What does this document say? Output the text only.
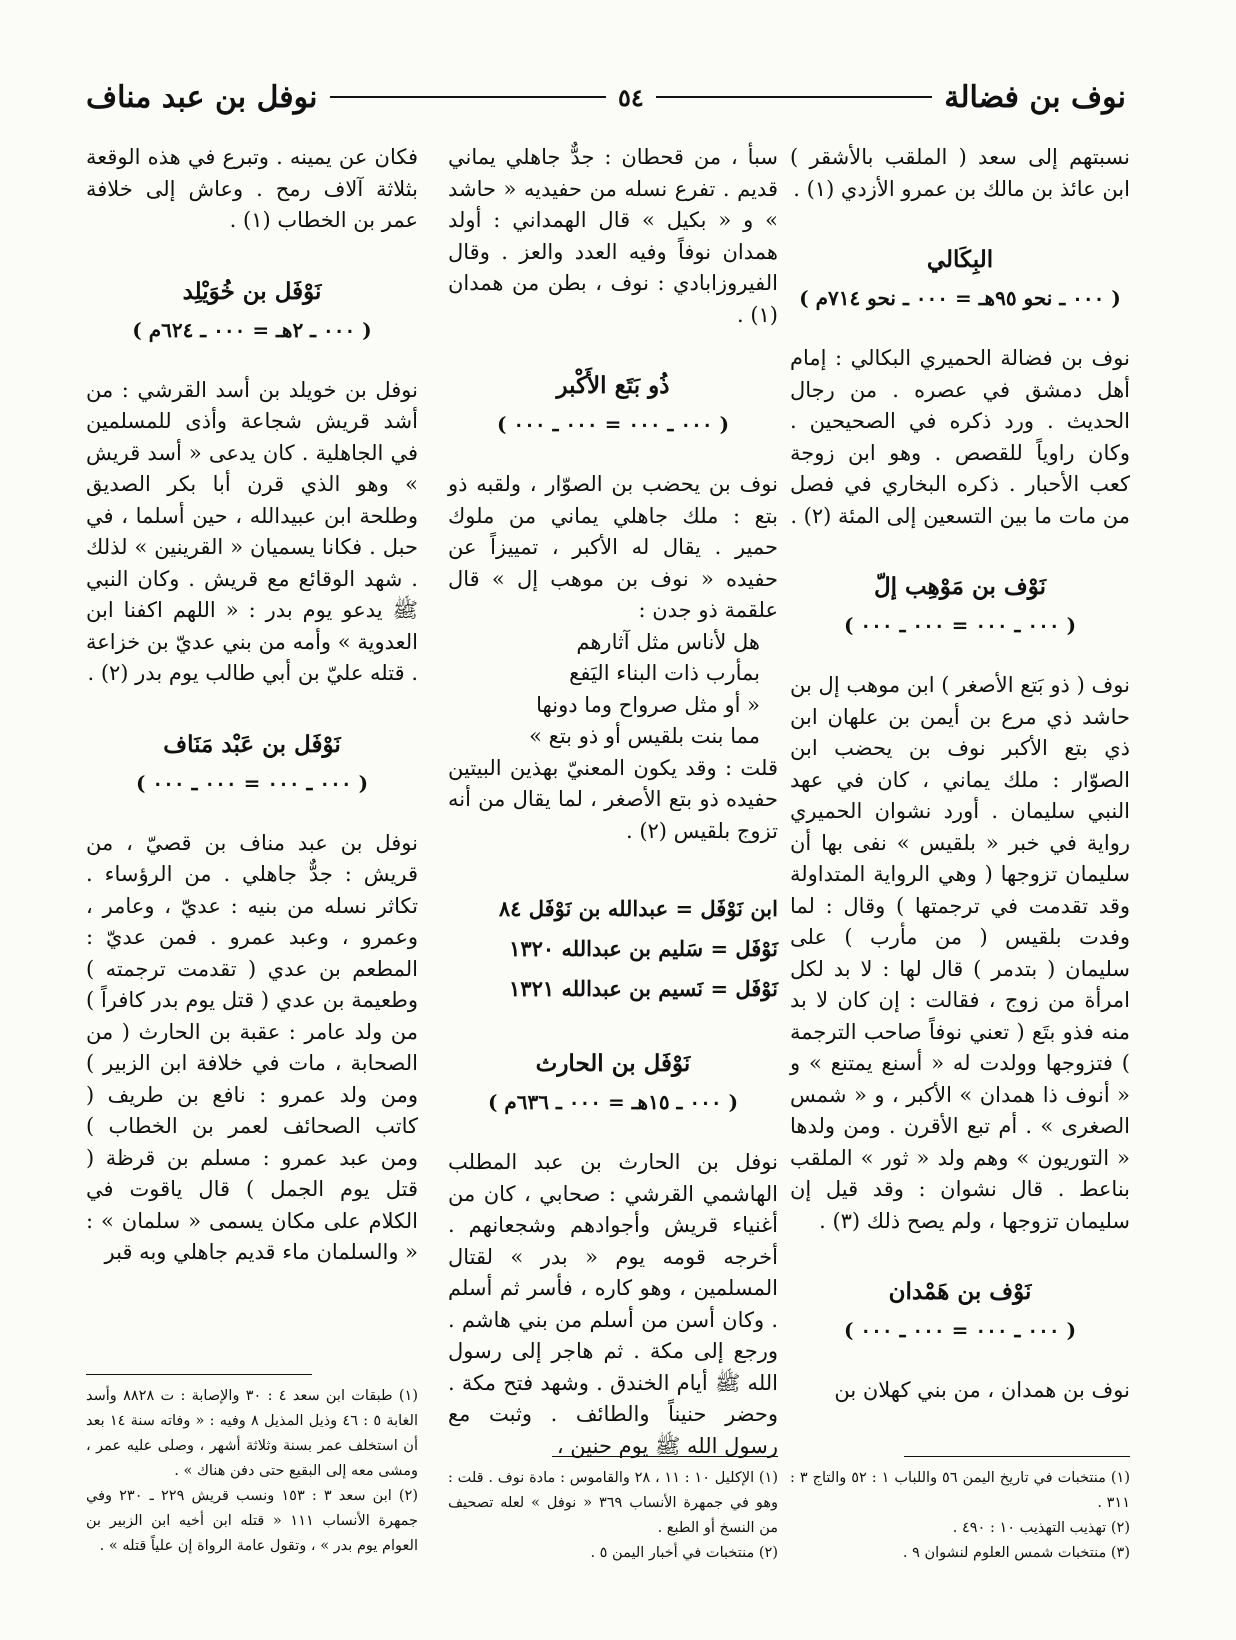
نوفل بن عبد مناف	٥٤	نوف بن فضالة

نسبتهم إلى سعد ( الملقب بالأشقر ) ابن عائذ بن مالك بن عمرو الأزدي (١) .

البِكَالي
( ٠٠٠ ـ نحو ٩٥هـ = ٠٠٠ ـ نحو ٧١٤م )

نوف بن فضالة الحميري البكالي : إمام أهل دمشق في عصره . من رجال الحديث . ورد ذكره في الصحيحين . وكان راوياً للقصص . وهو ابن زوجة كعب الأحبار . ذكره البخاري في فصل من مات ما بين التسعين إلى المئة (٢) .

نَوْف بن مَوْهِب إلّ
( ٠٠٠ ـ ٠٠٠ = ٠٠٠ ـ ٠٠٠ )

نوف ( ذو بَتع الأصغر ) ابن موهب إل بن حاشد ذي مرع بن أيمن بن علهان ابن ذي بتع الأكبر نوف بن يحضب ابن الصوّار : ملك يماني ، كان في عهد النبي سليمان . أورد نشوان الحميري رواية في خبر « بلقيس » نفى بها أن سليمان تزوجها ( وهي الرواية المتداولة وقد تقدمت في ترجمتها ) وقال : لما وفدت بلقيس ( من مأرب ) على سليمان ( بتدمر ) قال لها : لا بد لكل امرأة من زوج ، فقالت : إن كان لا بد منه فذو بتَع ( تعني نوفاً صاحب الترجمة ) فتزوجها وولدت له « أسنع يمتنع » و « أنوف ذا همدان » الأكبر ، و « شمس الصغرى » . أم تبع الأقرن . ومن ولدها « التوريون » وهم ولد « ثور » الملقب بناعط . قال نشوان : وقد قيل إن سليمان تزوجها ، ولم يصح ذلك (٣) .

نَوْف بن هَمْدان
( ٠٠٠ ـ ٠٠٠ = ٠٠٠ ـ ٠٠٠ )

نوف بن همدان ، من بني كهلان بن

سبأ ، من قحطان : جدٌّ جاهلي يماني قديم . تفرع نسله من حفيديه « حاشد » و « بكيل » قال الهمداني : أولد همدان نوفاً وفيه العدد والعز . وقال الفيروزابادي : نوف ، بطن من همدان (١) .

ذُو بَتَع الأَكْبر
( ٠٠٠ ـ ٠٠٠ = ٠٠٠ ـ ٠٠٠ )

نوف بن يحضب بن الصوّار ، ولقبه ذو بتع : ملك جاهلي يماني من ملوك حمير . يقال له الأكبر ، تمييزاً عن حفيده « نوف بن موهب إل » قال علقمة ذو جدن :

هل لأناس مثل آثارهم

بمأرب ذات البناء اليَفع

« أو مثل صرواح وما دونها

مما بنت بلقيس أو ذو بتع »

قلت : وقد يكون المعنيّ بهذين البيتين حفيده ذو بتع الأصغر ، لما يقال من أنه تزوج بلقيس (٢) .

ابن نَوْفَل = عبدالله بن نَوْفَل ٨٤
نَوْفَل = سَليم بن عبدالله ١٣٢٠
نَوْفَل = نَسيم بن عبدالله ١٣٢١
نَوْفَل بن الحارث
( ٠٠٠ ـ ١٥هـ = ٠٠٠ ـ ٦٣٦م )

نوفل بن الحارث بن عبد المطلب الهاشمي القرشي : صحابي ، كان من أغنياء قريش وأجوادهم وشجعانهم . أخرجه قومه يوم « بدر » لقتال المسلمين ، وهو كاره ، فأسر ثم أسلم . وكان أسن من أسلم من بني هاشم . ورجع إلى مكة . ثم هاجر إلى رسول الله ﷺ أيام الخندق . وشهد فتح مكة . وحضر حنيناً والطائف . وثبت مع رسول الله ﷺ يوم حنين ،

فكان عن يمينه . وتبرع في هذه الوقعة بثلاثة آلاف رمح . وعاش إلى خلافة عمر بن الخطاب (١) .

نَوْفَل بن خُوَيْلِد
( ٠٠٠ ـ ٢هـ = ٠٠٠ ـ ٦٢٤م )

نوفل بن خويلد بن أسد القرشي : من أشد قريش شجاعة وأذى للمسلمين في الجاهلية . كان يدعى « أسد قريش » وهو الذي قرن أبا بكر الصديق وطلحة ابن عبيدالله ، حين أسلما ، في حبل . فكانا يسميان « القرينين » لذلك . شهد الوقائع مع قريش . وكان النبي ﷺ يدعو يوم بدر : « اللهم اكفنا ابن العدوية » وأمه من بني عديّ بن خزاعة . قتله عليّ بن أبي طالب يوم بدر (٢) .

نَوْفَل بن عَبْد مَنَاف
( ٠٠٠ ـ ٠٠٠ = ٠٠٠ ـ ٠٠٠ )

نوفل بن عبد مناف بن قصيّ ، من قريش : جدٌّ جاهلي . من الرؤساء . تكاثر نسله من بنيه : عديّ ، وعامر ، وعمرو ، وعبد عمرو . فمن عديّ : المطعم بن عدي ( تقدمت ترجمته ) وطعيمة بن عدي ( قتل يوم بدر كافراً ) من ولد عامر : عقبة بن الحارث ( من الصحابة ، مات في خلافة ابن الزبير ) ومن ولد عمرو : نافع بن طريف ( كاتب الصحائف لعمر بن الخطاب ) ومن عبد عمرو : مسلم بن قرظة ( قتل يوم الجمل ) قال ياقوت في الكلام على مكان يسمى « سلمان » : « والسلمان ماء قديم جاهلي وبه قبر

(١) طبقات ابن سعد ٤ : ٣٠ والإصابة : ت ٨٨٢٨ وأسد الغابة ٥ : ٤٦ وذيل المذيل ٨ وفيه : « وفاته سنة ١٤ بعد أن استخلف عمر بسنة وثلاثة أشهر ، وصلى عليه عمر ، ومشى معه إلى البقيع حتى دفن هناك » .

(٢) ابن سعد ٣ : ١٥٣ ونسب قريش ٢٢٩ ـ ٢٣٠ وفي جمهرة الأنساب ١١١ « قتله ابن أخيه ابن الزبير بن العوام يوم بدر » ، وتقول عامة الرواة إن علياً قتله » .

(١) الإكليل ١٠ : ١١ ، ٢٨ والقاموس : مادة نوف . قلت : وهو في جمهرة الأنساب ٣٦٩ « نوفل » لعله تصحيف من النسخ أو الطبع .

(٢) منتخبات في أخبار اليمن ٥ .

(١) منتخبات في تاريخ اليمن ٥٦ واللباب ١ : ٥٢ والتاج ٣ : ٣١١ .

(٢) تهذيب التهذيب ١٠ : ٤٩٠ .

(٣) منتخبات شمس العلوم لنشوان ٩ .
